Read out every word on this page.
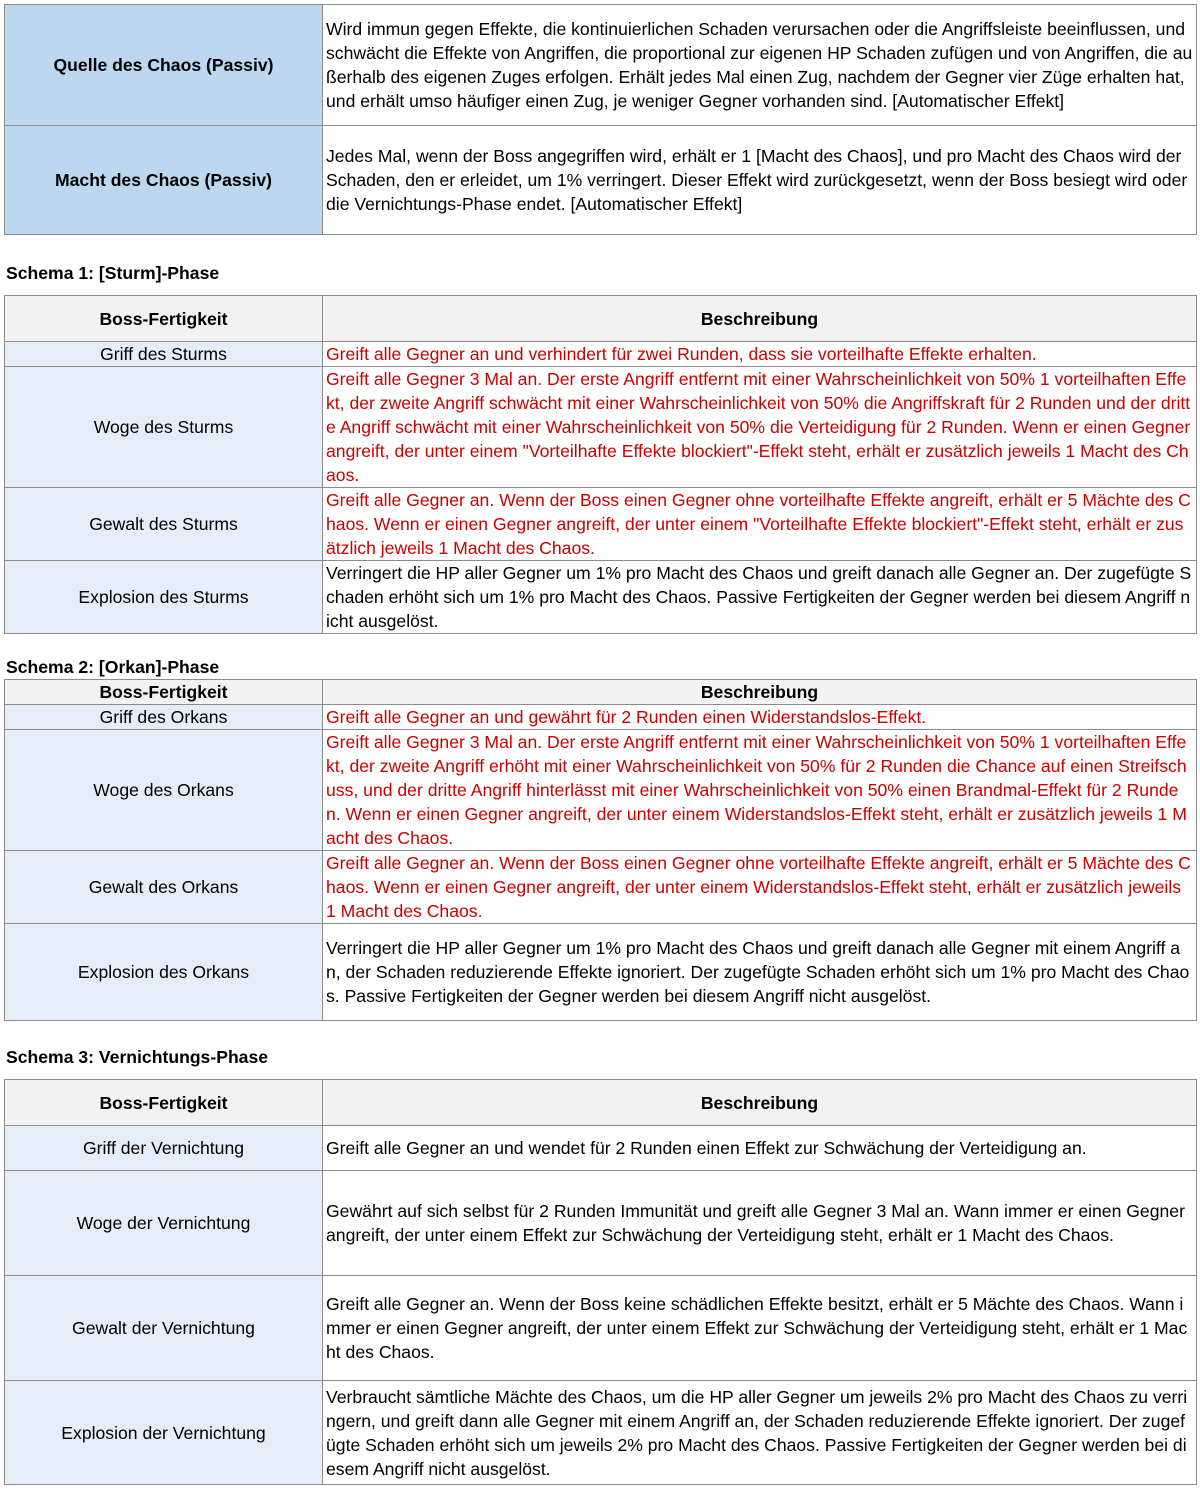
Quelle des Chaos (Passiv)	Wird immun gegen Effekte, die kontinuierlichen Schaden verursachen oder die Angriffsleiste beeinflussen, und schwächt die Effekte von Angriffen, die proportional zur eigenen HP Schaden zufügen und von Angriffen, die außerhalb des eigenen Zuges erfolgen. Erhält jedes Mal einen Zug, nachdem der Gegner vier Züge erhalten hat, und erhält umso häufiger einen Zug, je weniger Gegner vorhanden sind. [Automatischer Effekt]
Macht des Chaos (Passiv)	Jedes Mal, wenn der Boss angegriffen wird, erhält er 1 [Macht des Chaos], und pro Macht des Chaos wird der Schaden, den er erleidet, um 1% verringert. Dieser Effekt wird zurückgesetzt, wenn der Boss besiegt wird oder die Vernichtungs-Phase endet. [Automatischer Effekt]
Schema 1: [Sturm]-Phase
Boss-Fertigkeit	Beschreibung
Griff des Sturms	Greift alle Gegner an und verhindert für zwei Runden, dass sie vorteilhafte Effekte erhalten.
Woge des Sturms	Greift alle Gegner 3 Mal an. Der erste Angriff entfernt mit einer Wahrscheinlichkeit von 50% 1 vorteilhaften Effekt, der zweite Angriff schwächt mit einer Wahrscheinlichkeit von 50% die Angriffskraft für 2 Runden und der dritte Angriff schwächt mit einer Wahrscheinlichkeit von 50% die Verteidigung für 2 Runden. Wenn er einen Gegner angreift, der unter einem "Vorteilhafte Effekte blockiert"-Effekt steht, erhält er zusätzlich jeweils 1 Macht des Chaos.
Gewalt des Sturms	Greift alle Gegner an. Wenn der Boss einen Gegner ohne vorteilhafte Effekte angreift, erhält er 5 Mächte des Chaos. Wenn er einen Gegner angreift, der unter einem "Vorteilhafte Effekte blockiert"-Effekt steht, erhält er zusätzlich jeweils 1 Macht des Chaos.
Explosion des Sturms	Verringert die HP aller Gegner um 1% pro Macht des Chaos und greift danach alle Gegner an. Der zugefügte Schaden erhöht sich um 1% pro Macht des Chaos. Passive Fertigkeiten der Gegner werden bei diesem Angriff nicht ausgelöst.
Schema 2: [Orkan]-Phase
Boss-Fertigkeit	Beschreibung
Griff des Orkans	Greift alle Gegner an und gewährt für 2 Runden einen Widerstandslos-Effekt.
Woge des Orkans	Greift alle Gegner 3 Mal an. Der erste Angriff entfernt mit einer Wahrscheinlichkeit von 50% 1 vorteilhaften Effekt, der zweite Angriff erhöht mit einer Wahrscheinlichkeit von 50% für 2 Runden die Chance auf einen Streifschuss, und der dritte Angriff hinterlässt mit einer Wahrscheinlichkeit von 50% einen Brandmal-Effekt für 2 Runden. Wenn er einen Gegner angreift, der unter einem Widerstandslos-Effekt steht, erhält er zusätzlich jeweils 1 Macht des Chaos.
Gewalt des Orkans	Greift alle Gegner an. Wenn der Boss einen Gegner ohne vorteilhafte Effekte angreift, erhält er 5 Mächte des Chaos. Wenn er einen Gegner angreift, der unter einem Widerstandslos-Effekt steht, erhält er zusätzlich jeweils 1 Macht des Chaos.
Explosion des Orkans	Verringert die HP aller Gegner um 1% pro Macht des Chaos und greift danach alle Gegner mit einem Angriff an, der Schaden reduzierende Effekte ignoriert. Der zugefügte Schaden erhöht sich um 1% pro Macht des Chaos. Passive Fertigkeiten der Gegner werden bei diesem Angriff nicht ausgelöst.
Schema 3: Vernichtungs-Phase
Boss-Fertigkeit	Beschreibung
Griff der Vernichtung	Greift alle Gegner an und wendet für 2 Runden einen Effekt zur Schwächung der Verteidigung an.
Woge der Vernichtung	Gewährt auf sich selbst für 2 Runden Immunität und greift alle Gegner 3 Mal an. Wann immer er einen Gegner angreift, der unter einem Effekt zur Schwächung der Verteidigung steht, erhält er 1 Macht des Chaos.
Gewalt der Vernichtung	Greift alle Gegner an. Wenn der Boss keine schädlichen Effekte besitzt, erhält er 5 Mächte des Chaos. Wann immer er einen Gegner angreift, der unter einem Effekt zur Schwächung der Verteidigung steht, erhält er 1 Macht des Chaos.
Explosion der Vernichtung	Verbraucht sämtliche Mächte des Chaos, um die HP aller Gegner um jeweils 2% pro Macht des Chaos zu verringern, und greift dann alle Gegner mit einem Angriff an, der Schaden reduzierende Effekte ignoriert. Der zugefügte Schaden erhöht sich um jeweils 2% pro Macht des Chaos. Passive Fertigkeiten der Gegner werden bei diesem Angriff nicht ausgelöst.
